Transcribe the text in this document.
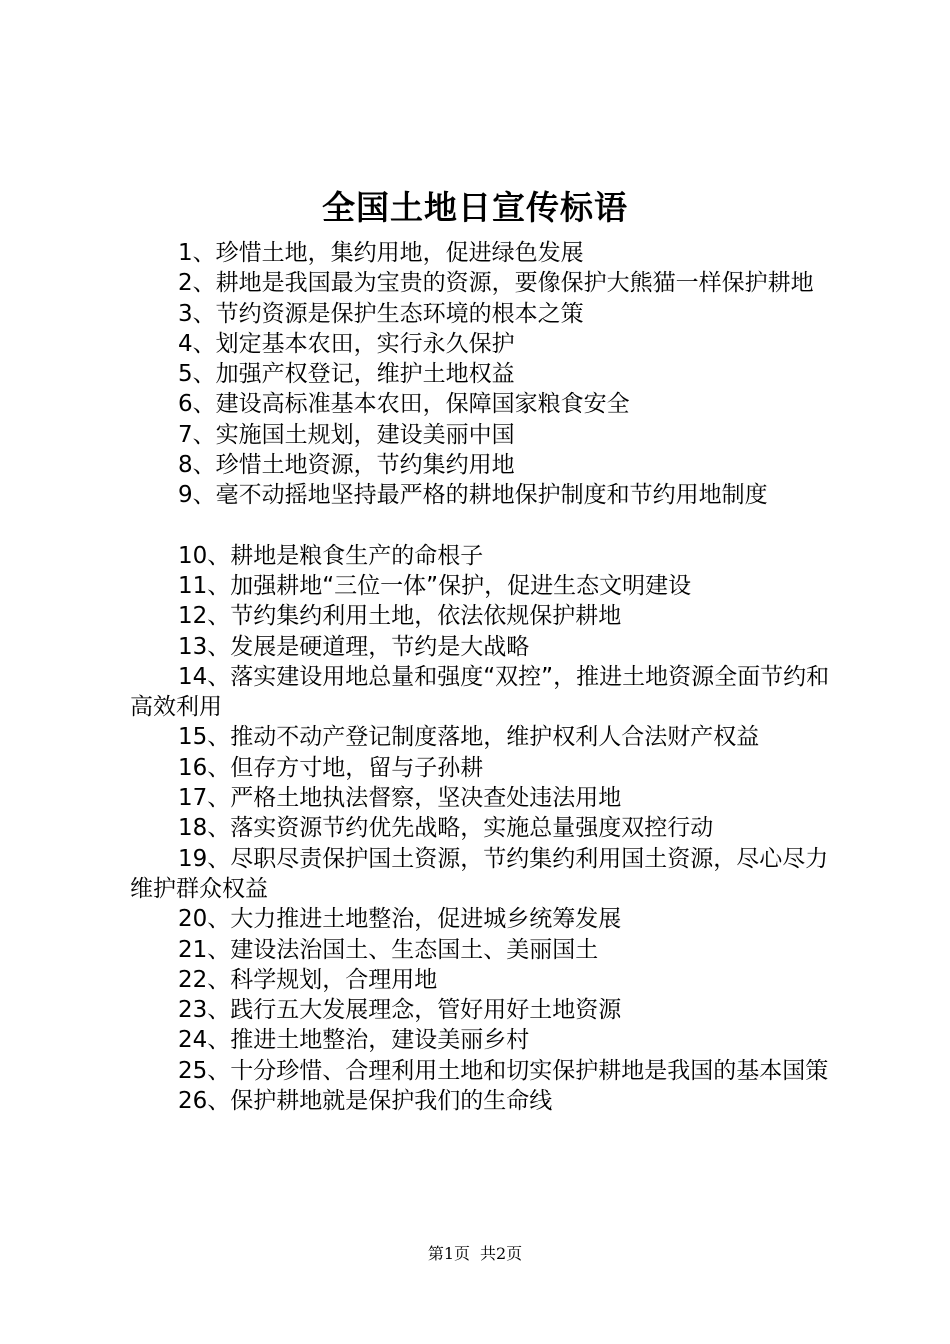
全国土地日宣传标语

1、珍惜土地，集约用地，促进绿色发展

2、耕地是我国最为宝贵的资源，要像保护大熊猫一样保护耕地

3、节约资源是保护生态环境的根本之策

4、划定基本农田，实行永久保护

5、加强产权登记，维护土地权益

6、建设高标准基本农田，保障国家粮食安全

7、实施国土规划，建设美丽中国

8、珍惜土地资源，节约集约用地

9、毫不动摇地坚持最严格的耕地保护制度和节约用地制度

10、耕地是粮食生产的命根子

11、加强耕地“三位一体”保护，促进生态文明建设

12、节约集约利用土地，依法依规保护耕地

13、发展是硬道理，节约是大战略

14、落实建设用地总量和强度“双控”，推进土地资源全面节约和高效利用

15、推动不动产登记制度落地，维护权利人合法财产权益

16、但存方寸地，留与子孙耕

17、严格土地执法督察，坚决查处违法用地

18、落实资源节约优先战略，实施总量强度双控行动

19、尽职尽责保护国土资源，节约集约利用国土资源，尽心尽力维护群众权益

20、大力推进土地整治，促进城乡统筹发展

21、建设法治国土、生态国土、美丽国土

22、科学规划，合理用地

23、践行五大发展理念，管好用好土地资源

24、推进土地整治，建设美丽乡村

25、十分珍惜、合理利用土地和切实保护耕地是我国的基本国策

26、保护耕地就是保护我们的生命线

第1页 共2页
